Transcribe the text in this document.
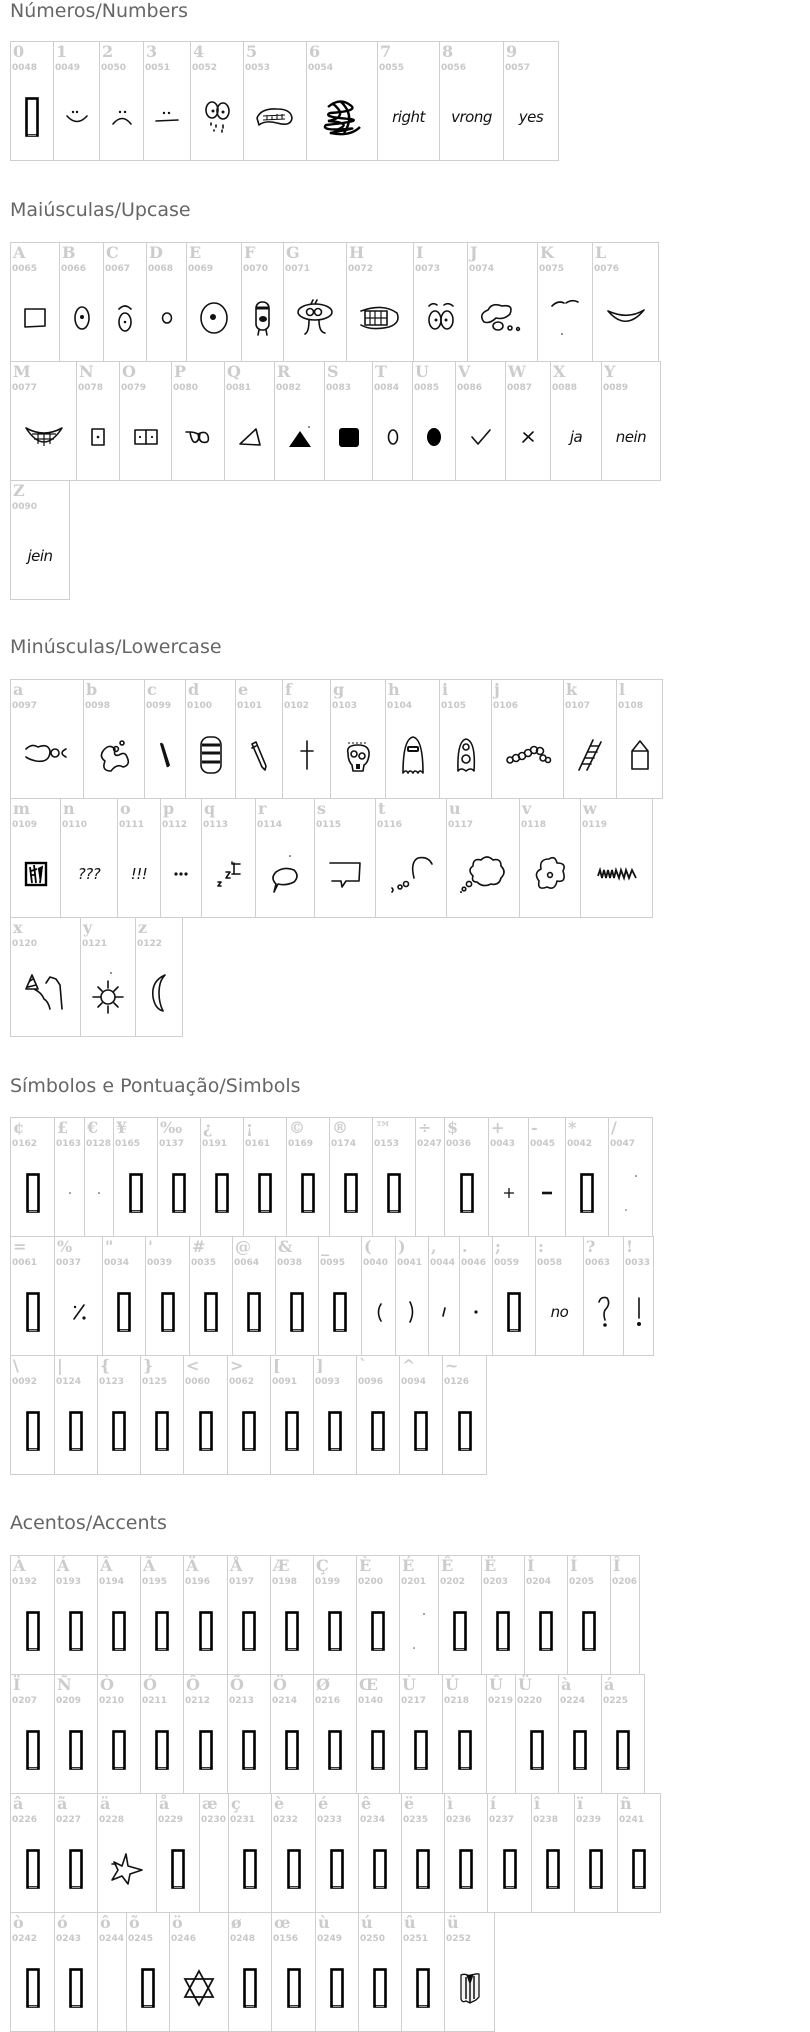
Números/Numbers
0
0048
1
0049
2
0050
3
0051
4
0052
5
0053
6
0054
7
0055
right
8
0056
vrong
9
0057
yes
Maiúsculas/Upcase
A
0065
B
0066
C
0067
D
0068
E
0069
F
0070
G
0071
H
0072
I
0073
J
0074
K
0075
L
0076
M
0077
N
0078
O
0079
P
0080
Q
0081
R
0082
S
0083
T
0084
U
0085
V
0086
W
0087
X
0088
ja
Y
0089
nein
Z
0090
jein
Minúsculas/Lowercase
a
0097
b
0098
c
0099
d
0100
e
0101
f
0102
g
0103
h
0104
i
0105
j
0106
k
0107
l
0108
m
0109
n
0110
???
o
0111
!!!
p
0112
q
0113
r
0114
s
0115
t
0116
u
0117
v
0118
w
0119
x
0120
y
0121
z
0122
Símbolos e Pontuação/Simbols
¢
0162
£
0163
€
0128
¥
0165
‰
0137
¿
0191
¡
0161
©
0169
®
0174
™
0153
÷
0247
$
0036
+
0043
-
0045
*
0042
/
0047
=
0061
%
0037
"
0034
'
0039
#
0035
@
0064
&
0038
_
0095
(
0040
)
0041
,
0044
.
0046
;
0059
:
0058
no
?
0063
!
0033
\
0092
|
0124
{
0123
}
0125
<
0060
>
0062
[
0091
]
0093
`
0096
^
0094
~
0126
Acentos/Accents
À
0192
Á
0193
Â
0194
Ã
0195
Ä
0196
Å
0197
Æ
0198
Ç
0199
È
0200
É
0201
Ê
0202
Ë
0203
Ì
0204
Í
0205
Î
0206
Ï
0207
Ñ
0209
Ò
0210
Ó
0211
Ô
0212
Õ
0213
Ö
0214
Ø
0216
Œ
0140
Ù
0217
Ú
0218
Û
0219
Ü
0220
à
0224
á
0225
â
0226
ã
0227
ä
0228
å
0229
æ
0230
ç
0231
è
0232
é
0233
ê
0234
ë
0235
ì
0236
í
0237
î
0238
ï
0239
ñ
0241
ò
0242
ó
0243
ô
0244
õ
0245
ö
0246
ø
0248
œ
0156
ù
0249
ú
0250
û
0251
ü
0252
